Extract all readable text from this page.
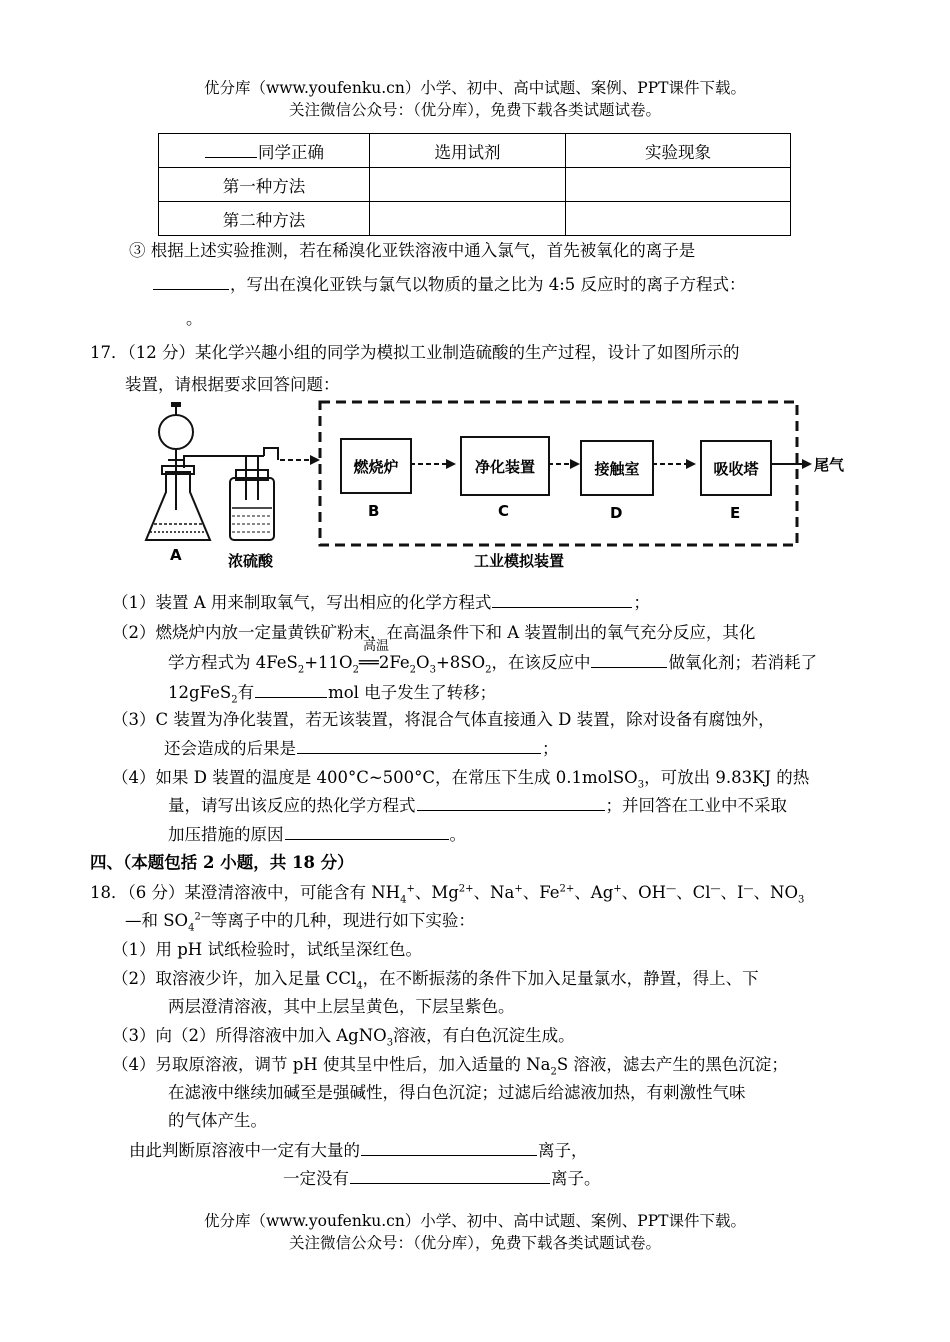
优分库（www.youfenku.cn）小学、初中、高中试题、案例、PPT课件下载。
关注微信公众号：（优分库），免费下载各类试题试卷。
同学正确	选用试剂	实验现象
第一种方法		
第二种方法		
③ 根据上述实验推测，若在稀溴化亚铁溶液中通入氯气，首先被氧化的离子是
，写出在溴化亚铁与氯气以物质的量之比为 4:5 反应时的离子方程式：
。
17．（12 分）某化学兴趣小组的同学为模拟工业制造硫酸的生产过程，设计了如图所示的
装置，请根据要求回答问题：
燃烧炉	净化装置	接触室	吸收塔	尾气
A
B	C	D	E
浓硫酸	工业模拟装置
（1）装置 A 用来制取氧气，写出相应的化学方程式	；
（2）燃烧炉内放一定量黄铁矿粉末，在高温条件下和 A 装置制出的氧气充分反应，其化
学方程式为 $4FeS_2+11O_2$
高温
$══2Fe_2O_3+8SO_2$，在该反应中	做氧化剂；若消耗了
12gFeS$_2$有	mol 电子发生了转移；
（3）C 装置为净化装置，若无该装置，将混合气体直接通入 D 装置，除对设备有腐蚀外，
还会造成的后果是	；
（4）如果 D 装置的温度是 400°C~500°C，在常压下生成 0.1molSO$_3$，可放出 9.83KJ 的热
量，请写出该反应的热化学方程式	；并回答在工业中不采取
加压措施的原因	。
四、（本题包括 2 小题，共 18 分）
18．（6 分）某澄清溶液中，可能含有 $NH_4^+$、$Mg^{2+}$、Na+、$Fe^{2+}$、Ag+、OH—、Cl—、I—、$NO_3$
—和 $SO_4^{2—}$等离子中的几种，现进行如下实验：
（1）用 pH 试纸检验时，试纸呈深红色。
（2）取溶液少许，加入足量 CCl$_4$，在不断振荡的条件下加入足量氯水，静置，得上、下
两层澄清溶液，其中上层呈黄色，下层呈紫色。
（3）向（2）所得溶液中加入 AgNO$_3$溶液，有白色沉淀生成。
（4）另取原溶液，调节 pH 使其呈中性后，加入适量的 $Na_2S$ 溶液，滤去产生的黑色沉淀；
在滤液中继续加碱至是强碱性，得白色沉淀；过滤后给滤液加热，有刺激性气味
的气体产生。
由此判断原溶液中一定有大量的	离子，
一定没有	离子。
优分库（www.youfenku.cn）小学、初中、高中试题、案例、PPT课件下载。
关注微信公众号：（优分库），免费下载各类试题试卷。
